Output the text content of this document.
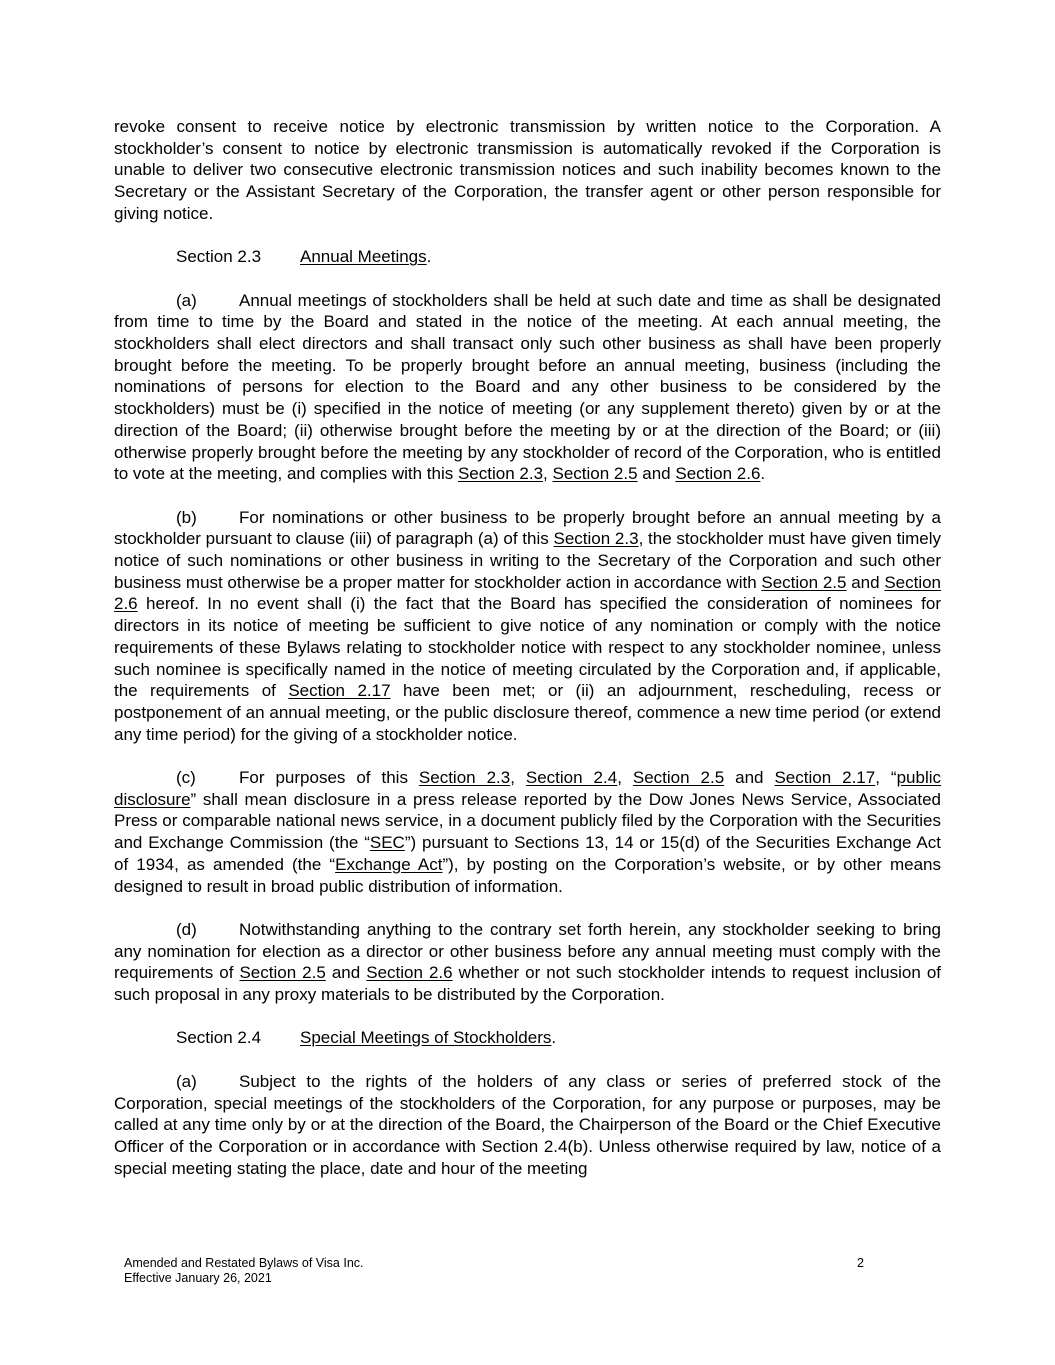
revoke consent to receive notice by electronic transmission by written notice to the Corporation. A stockholder’s consent to notice by electronic transmission is automatically revoked if the Corporation is unable to deliver two consecutive electronic transmission notices and such inability becomes known to the Secretary or the Assistant Secretary of the Corporation, the transfer agent or other person responsible for giving notice.

Section 2.3 Annual Meetings.

(a) Annual meetings of stockholders shall be held at such date and time as shall be designated from time to time by the Board and stated in the notice of the meeting. At each annual meeting, the stockholders shall elect directors and shall transact only such other business as shall have been properly brought before the meeting. To be properly brought before an annual meeting, business (including the nominations of persons for election to the Board and any other business to be considered by the stockholders) must be (i) specified in the notice of meeting (or any supplement thereto) given by or at the direction of the Board; (ii) otherwise brought before the meeting by or at the direction of the Board; or (iii) otherwise properly brought before the meeting by any stockholder of record of the Corporation, who is entitled to vote at the meeting, and complies with this Section 2.3, Section 2.5 and Section 2.6.

(b) For nominations or other business to be properly brought before an annual meeting by a stockholder pursuant to clause (iii) of paragraph (a) of this Section 2.3, the stockholder must have given timely notice of such nominations or other business in writing to the Secretary of the Corporation and such other business must otherwise be a proper matter for stockholder action in accordance with Section 2.5 and Section 2.6 hereof. In no event shall (i) the fact that the Board has specified the consideration of nominees for directors in its notice of meeting be sufficient to give notice of any nomination or comply with the notice requirements of these Bylaws relating to stockholder notice with respect to any stockholder nominee, unless such nominee is specifically named in the notice of meeting circulated by the Corporation and, if applicable, the requirements of Section 2.17 have been met; or (ii) an adjournment, rescheduling, recess or postponement of an annual meeting, or the public disclosure thereof, commence a new time period (or extend any time period) for the giving of a stockholder notice.

(c)	For purposes of this Section 2.3, Section 2.4, Section 2.5 and Section 2.17, “public disclosure” shall mean disclosure in a press release reported by the Dow Jones News Service, Associated Press or comparable national news service, in a document publicly filed by the Corporation with the Securities and Exchange Commission (the “SEC”) pursuant to Sections 13, 14 or 15(d) of the Securities Exchange Act of 1934, as amended (the “Exchange Act”), by posting on the Corporation’s website, or by other means designed to result in broad public distribution of information.

(d) Notwithstanding anything to the contrary set forth herein, any stockholder seeking to bring any nomination for election as a director or other business before any annual meeting must comply with the requirements of Section 2.5 and Section 2.6 whether or not such stockholder intends to request inclusion of such proposal in any proxy materials to be distributed by the Corporation.

Section 2.4 Special Meetings of Stockholders.

(a) Subject to the rights of the holders of any class or series of preferred stock of the Corporation, special meetings of the stockholders of the Corporation, for any purpose or purposes, may be called at any time only by or at the direction of the Board, the Chairperson of the Board or the Chief Executive Officer of the Corporation or in accordance with Section 2.4(b). Unless otherwise required by law, notice of a special meeting stating the place, date and hour of the meeting

Amended and Restated Bylaws of Visa Inc.
Effective January 26, 2021
2
